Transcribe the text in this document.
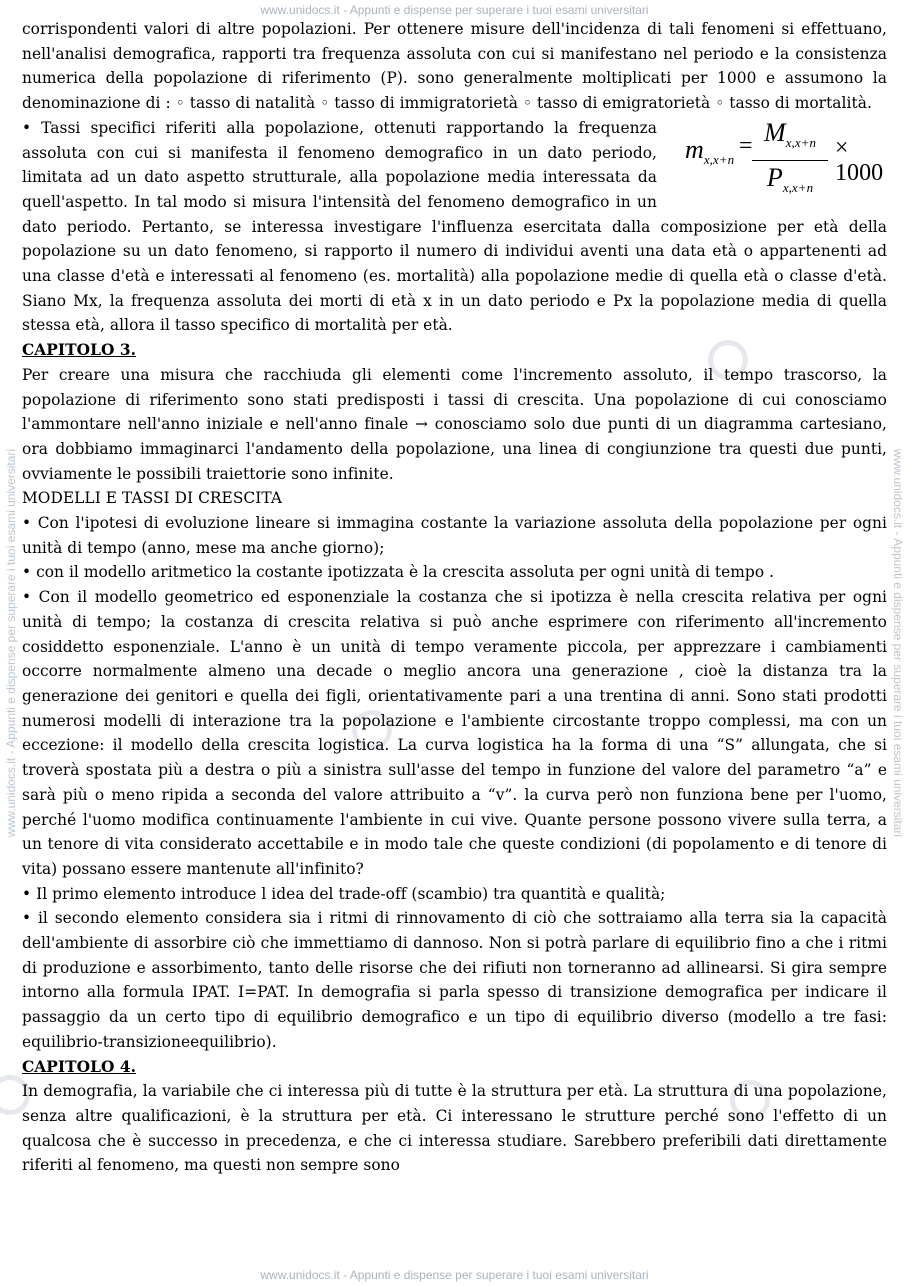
www.unidocs.it - Appunti e dispense per superare i tuoi esami universitari
www.unidocs.it - Appunti e dispense per superare i tuoi esami universitari	www.unidocs.it - Appunti e dispense per superare i tuoi esami universitari

corrispondenti valori di altre popolazioni. Per ottenere misure dell'incidenza di tali fenomeni si effettuano, nell'analisi demografica, rapporti tra frequenza assoluta con cui si manifestano nel periodo e la consistenza numerica della popolazione di riferimento (P). sono generalmente moltiplicati per 1000 e assumono la denominazione di : ◦ tasso di natalità ◦ tasso di immigratorietà ◦ tasso di emigratorietà ◦ tasso di mortalità.

$m_{x,x+n}$
= $M_{x,x+n}$
$P_{x,x+n}$
× 1000

• Tassi specifici riferiti alla popolazione, ottenuti rapportando la frequenza assoluta con cui si manifesta il fenomeno demografico in un dato periodo, limitata ad un dato aspetto strutturale, alla popolazione media interessata da quell'aspetto. In tal modo si misura l'intensità del fenomeno demografico in un dato periodo. Pertanto, se interessa investigare l'influenza esercitata dalla composizione per età della popolazione su un dato fenomeno, si rapporto il numero di individui aventi una data età o appartenenti ad una classe d'età e interessati al fenomeno (es. mortalità) alla popolazione medie di quella età o classe d'età. Siano Mx, la frequenza assoluta dei morti di età x in un dato periodo e Px la popolazione media di quella stessa età, allora il tasso specifico di mortalità per età.

CAPITOLO 3.

Per creare una misura che racchiuda gli elementi come l'incremento assoluto, il tempo trascorso, la popolazione di riferimento sono stati predisposti i tassi di crescita. Una popolazione di cui conosciamo l'ammontare nell'anno iniziale e nell'anno finale → conosciamo solo due punti di un diagramma cartesiano, ora dobbiamo immaginarci l'andamento della popolazione, una linea di congiunzione tra questi due punti, ovviamente le possibili traiettorie sono infinite.

MODELLI E TASSI DI CRESCITA

• Con l'ipotesi di evoluzione lineare si immagina costante la variazione assoluta della popolazione per ogni unità di tempo (anno, mese ma anche giorno);

• con il modello aritmetico la costante ipotizzata è la crescita assoluta per ogni unità di tempo .

• Con il modello geometrico ed esponenziale la costanza che si ipotizza è nella crescita relativa per ogni unità di tempo; la costanza di crescita relativa si può anche esprimere con riferimento all'incremento cosiddetto esponenziale. L'anno è un unità di tempo veramente piccola, per apprezzare i cambiamenti occorre normalmente almeno una decade o meglio ancora una generazione , cioè la distanza tra la generazione dei genitori e quella dei figli, orientativamente pari a una trentina di anni. Sono stati prodotti numerosi modelli di interazione tra la popolazione e l'ambiente circostante troppo complessi, ma con un eccezione: il modello della crescita logistica. La curva logistica ha la forma di una “S” allungata, che si troverà spostata più a destra o più a sinistra sull'asse del tempo in funzione del valore del parametro “a” e sarà più o meno ripida a seconda del valore attribuito a “v”. la curva però non funziona bene per l'uomo, perché l'uomo modifica continuamente l'ambiente in cui vive. Quante persone possono vivere sulla terra, a un tenore di vita considerato accettabile e in modo tale che queste condizioni (di popolamento e di tenore di vita) possano essere mantenute all'infinito?

• Il primo elemento introduce l idea del trade-off (scambio) tra quantità e qualità;

• il secondo elemento considera sia i ritmi di rinnovamento di ciò che sottraiamo alla terra sia la capacità dell'ambiente di assorbire ciò che immettiamo di dannoso. Non si potrà parlare di equilibrio fino a che i ritmi di produzione e assorbimento, tanto delle risorse che dei rifiuti non torneranno ad allinearsi. Si gira sempre intorno alla formula IPAT. I=PAT. In demografia si parla spesso di transizione demografica per indicare il passaggio da un certo tipo di equilibrio demografico e un tipo di equilibrio diverso (modello a tre fasi: equilibrio-transizioneequilibrio).

CAPITOLO 4.

In demografia, la variabile che ci interessa più di tutte è la struttura per età. La struttura di una popolazione, senza altre qualificazioni, è la struttura per età. Ci interessano le strutture perché sono l'effetto di un qualcosa che è successo in precedenza, e che ci interessa studiare. Sarebbero preferibili dati direttamente riferiti al fenomeno, ma questi non sempre sono

www.unidocs.it - Appunti e dispense per superare i tuoi esami universitari
